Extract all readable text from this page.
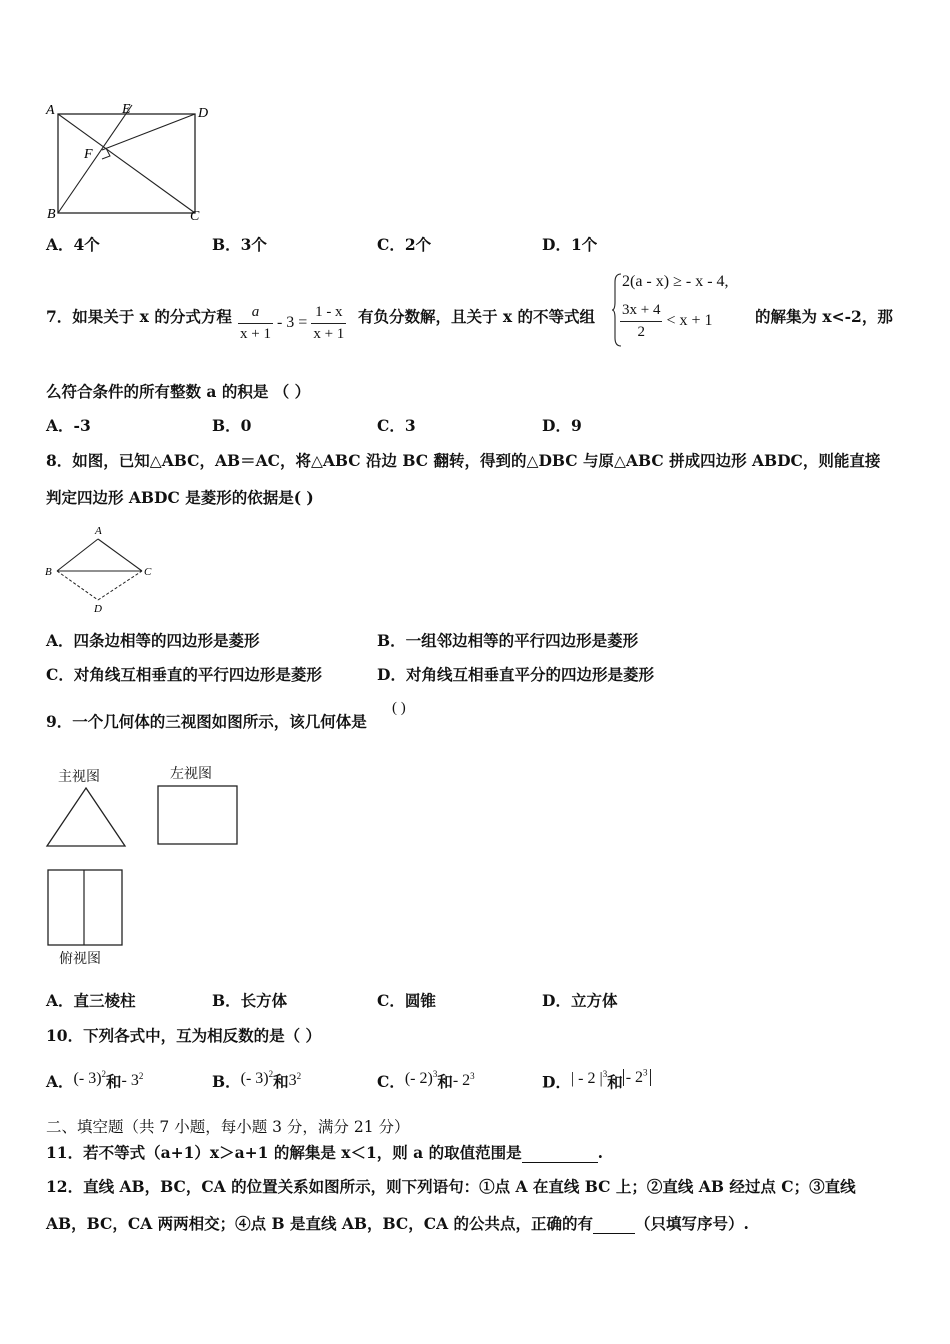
A	E	D
F
B	C
A．4个	B．3个	C．2个	D．1个
7．如果关于 x 的分式方程 $\frac{a}{x + 1} - 3 = \frac{1 - x}{x + 1}$ 有负分数解，且关于 x 的不等式组
2(a - x) ≥ - x - 4,
$\frac{3x + 4}{2} < x + 1$	的解集为 x<-2，那
么符合条件的所有整数 a 的积是 （ ）
A．-3	B．0	C．3	D．9
8．如图，已知△ABC，AB＝AC，将△ABC 沿边 BC 翻转，得到的△DBC 与原△ABC 拼成四边形 ABDC，则能直接
判定四边形 ABDC 是菱形的依据是( )
A
B	C
D
A．四条边相等的四边形是菱形	B．一组邻边相等的平行四边形是菱形
C．对角线互相垂直的平行四边形是菱形	D．对角线互相垂直平分的四边形是菱形
9．一个几何体的三视图如图所示，该几何体是
( )
主视图	左视图
俯视图
A．直三棱柱	B．长方体	C．圆锥	D．立方体
10．下列各式中，互为相反数的是（ ）
A．(- 3)$^2$和- $3^2$	B．(- 3)$^2$和$3^2$	C．(- 2)$^3$和- $2^3$	D．| - 2 $|^3$和 - $2^3$
二、填空题（共 7 小题，每小题 3 分，满分 21 分）
11．若不等式（a+1）x＞a+1 的解集是 x＜1，则 a 的取值范围是	.
12．直线 AB，BC，CA 的位置关系如图所示，则下列语句：①点 A 在直线 BC 上；②直线 AB 经过点 C；③直线
AB，BC，CA 两两相交；④点 B 是直线 AB，BC，CA 的公共点，正确的有	（只填写序号）.
